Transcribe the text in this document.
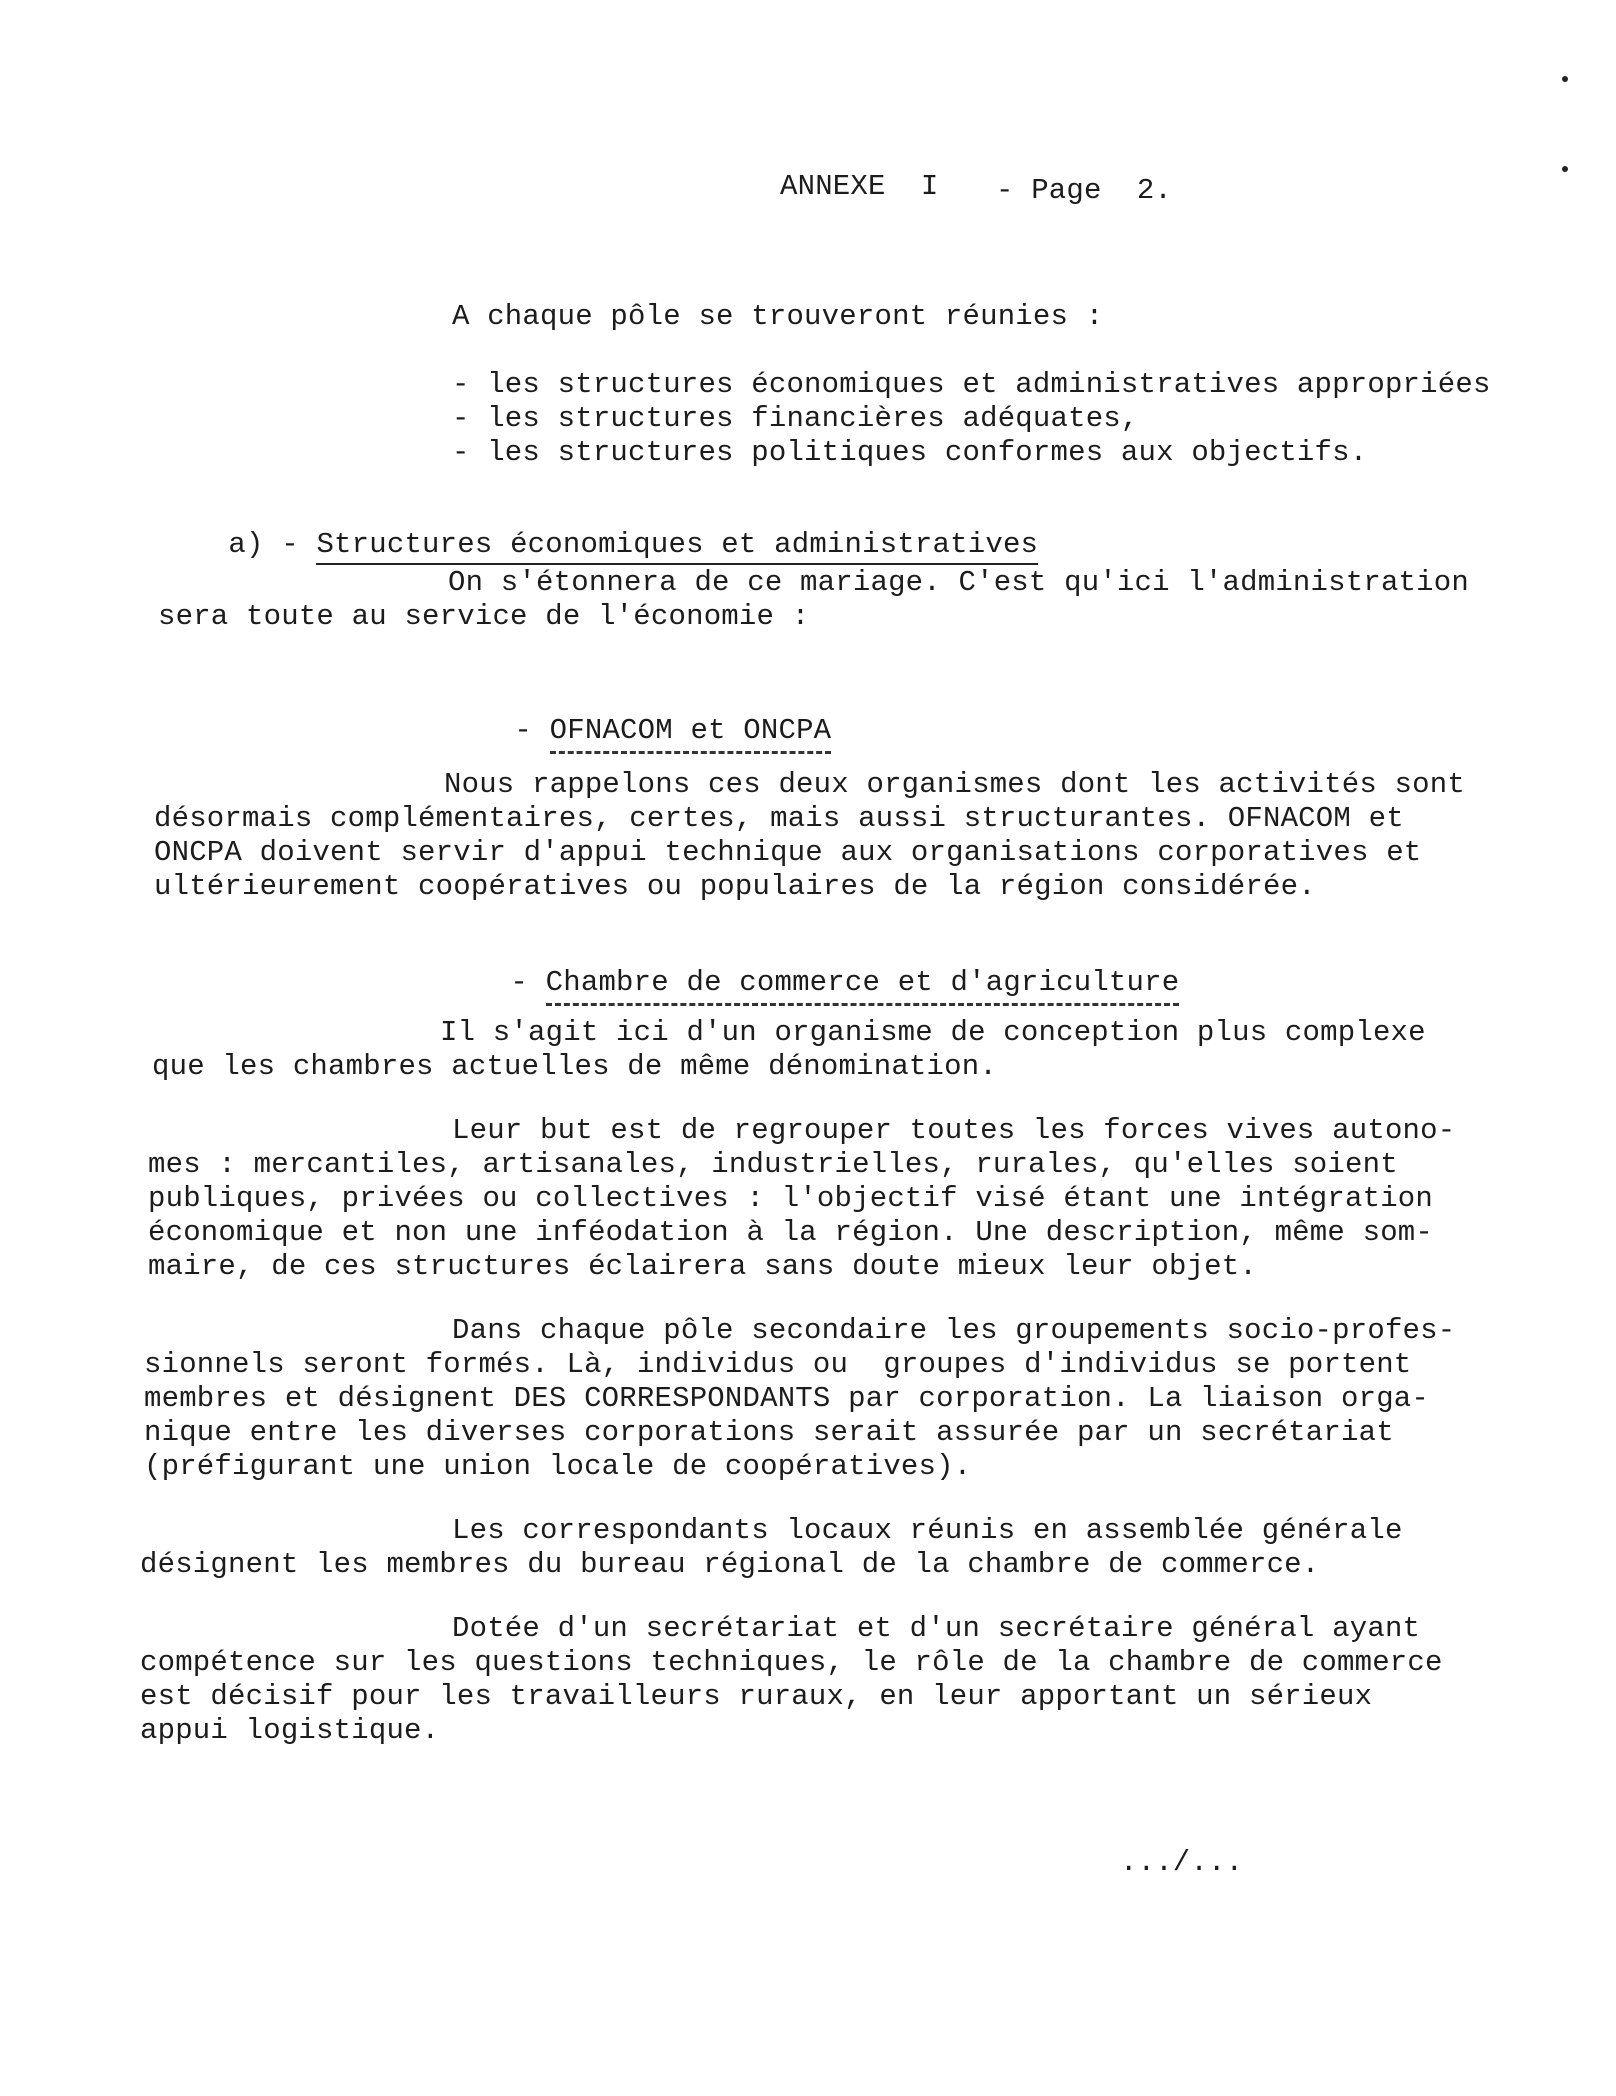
ANNEXE  I - Page  2.
A chaque pôle se trouveront réunies :
- les structures économiques et administratives appropriées
- les structures financières adéquates,
- les structures politiques conformes aux objectifs.

a) - Structures économiques et administratives

On s'étonnera de ce mariage. C'est qu'ici l'administration
sera toute au service de l'économie :

- OFNACOM et ONCPA

Nous rappelons ces deux organismes dont les activités sont
désormais complémentaires, certes, mais aussi structurantes. OFNACOM et
ONCPA doivent servir d'appui technique aux organisations corporatives et
ultérieurement coopératives ou populaires de la région considérée.

- Chambre de commerce et d'agriculture

Il s'agit ici d'un organisme de conception plus complexe
que les chambres actuelles de même dénomination.
Leur but est de regrouper toutes les forces vives autono-
mes : mercantiles, artisanales, industrielles, rurales, qu'elles soient
publiques, privées ou collectives : l'objectif visé étant une intégration
économique et non une inféodation à la région. Une description, même som-
maire, de ces structures éclairera sans doute mieux leur objet.
Dans chaque pôle secondaire les groupements socio-profes-
sionnels seront formés. Là, individus ou  groupes d'individus se portent
membres et désignent DES CORRESPONDANTS par corporation. La liaison orga-
nique entre les diverses corporations serait assurée par un secrétariat
(préfigurant une union locale de coopératives).
Les correspondants locaux réunis en assemblée générale
désignent les membres du bureau régional de la chambre de commerce.
Dotée d'un secrétariat et d'un secrétaire général ayant
compétence sur les questions techniques, le rôle de la chambre de commerce
est décisif pour les travailleurs ruraux, en leur apportant un sérieux
appui logistique.
.../...
